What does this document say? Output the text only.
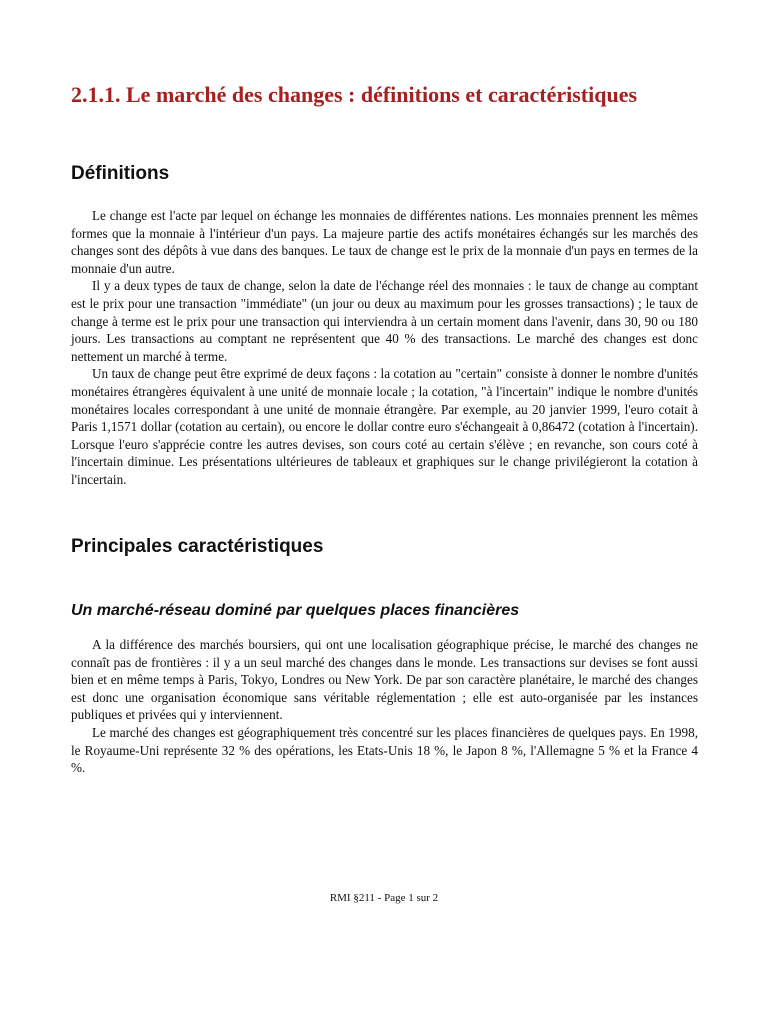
2.1.1. Le marché des changes : définitions et caractéristiques
Définitions

Le change est l'acte par lequel on échange les monnaies de différentes nations. Les monnaies prennent les mêmes formes que la monnaie à l'intérieur d'un pays. La majeure partie des actifs monétaires échangés sur les marchés des changes sont des dépôts à vue dans des banques. Le taux de change est le prix de la monnaie d'un pays en termes de la monnaie d'un autre.

Il y a deux types de taux de change, selon la date de l'échange réel des monnaies : le taux de change au comptant est le prix pour une transaction "immédiate" (un jour ou deux au maximum pour les grosses transactions) ; le taux de change à terme est le prix pour une transaction qui interviendra à un certain moment dans l'avenir, dans 30, 90 ou 180 jours. Les transactions au comptant ne représentent que 40 % des transactions. Le marché des changes est donc nettement un marché à terme.

Un taux de change peut être exprimé de deux façons : la cotation au "certain" consiste à donner le nombre d'unités monétaires étrangères équivalent à une unité de monnaie locale ; la cotation, "à l'incertain" indique le nombre d'unités monétaires locales correspondant à une unité de monnaie étrangère. Par exemple, au 20 janvier 1999, l'euro cotait à Paris 1,1571 dollar (cotation au certain), ou encore le dollar contre euro s'échangeait à 0,86472 (cotation à l'incertain). Lorsque l'euro s'apprécie contre les autres devises, son cours coté au certain s'élève ; en revanche, son cours coté à l'incertain diminue. Les présentations ultérieures de tableaux et graphiques sur le change privilégieront la cotation à l'incertain.

Principales caractéristiques
Un marché-réseau dominé par quelques places financières

A la différence des marchés boursiers, qui ont une localisation géographique précise, le marché des changes ne connaît pas de frontières : il y a un seul marché des changes dans le monde. Les transactions sur devises se font aussi bien et en même temps à Paris, Tokyo, Londres ou New York. De par son caractère planétaire, le marché des changes est donc une organisation économique sans véritable réglementation ; elle est auto-organisée par les instances publiques et privées qui y interviennent.

Le marché des changes est géographiquement très concentré sur les places financières de quelques pays. En 1998, le Royaume-Uni représente 32 % des opérations, les Etats-Unis 18 %, le Japon 8 %, l'Allemagne 5 % et la France 4 %.

RMI §211 - Page 1 sur 2
